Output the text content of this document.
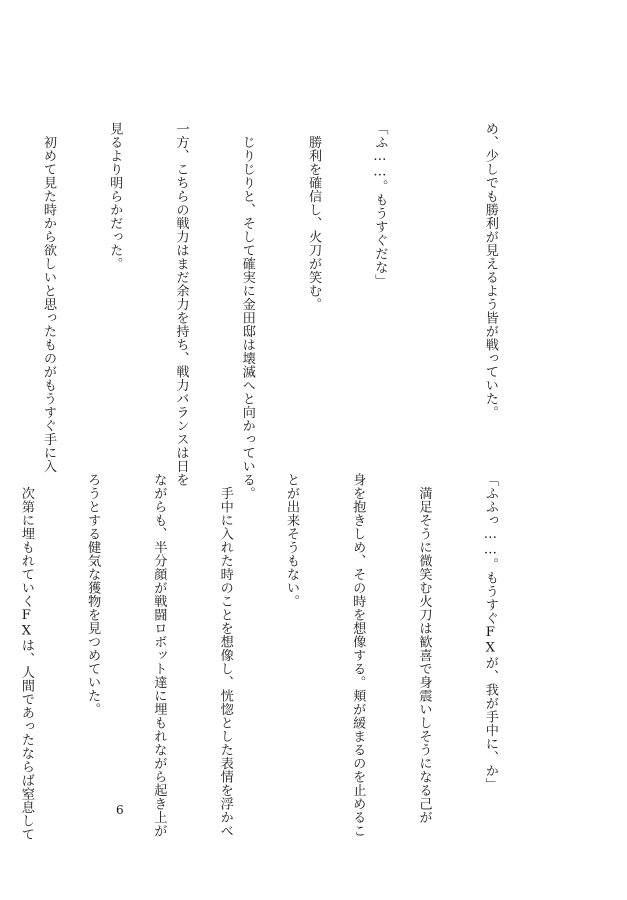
め、少しでも勝利が見えるよう皆が戦っていた。

「ふ……。もうすぐだな」

　勝利を確信し、火刀が笑む。

　じりじりと、そして確実に金田邸は壊滅へと向かっている。

一方、こちらの戦力はまだ余力を持ち、戦力バランスは日を

見るより明らかだった。

　初めて見た時から欲しいと思ったものがもうすぐ手に入

「ふふっ……。もうすぐFXが、我が手中に、か」

　満足そうに微笑む火刀は歓喜で身震いしそうになる己が

身を抱きしめ、その時を想像する。頬が緩まるのを止めるこ

とが出来そうもない。

　手中に入れた時のことを想像し、恍惚とした表情を浮かべ

ながらも、半分顔が戦闘ロボット達に埋もれながら起き上が

ろうとする健気な獲物を見つめていた。

　次第に埋もれていくFXは、人間であったならば窒息して

	6
